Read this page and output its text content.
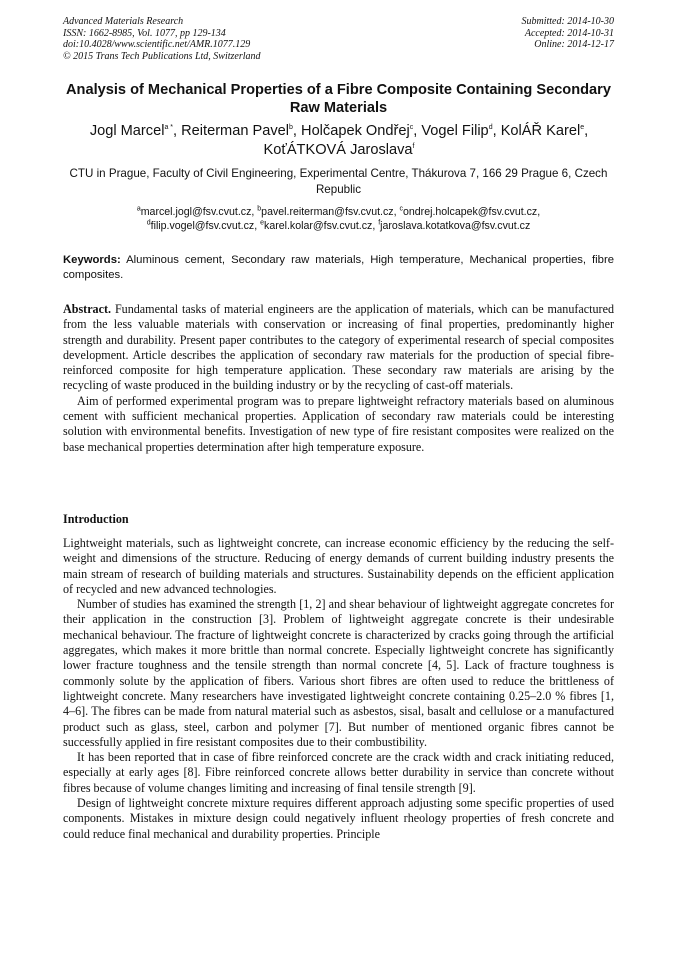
Advanced Materials Research
ISSN: 1662-8985, Vol. 1077, pp 129-134
doi:10.4028/www.scientific.net/AMR.1077.129
© 2015 Trans Tech Publications Ltd, Switzerland
Submitted: 2014-10-30
Accepted: 2014-10-31
Online: 2014-12-17
Analysis of Mechanical Properties of a Fibre Composite Containing Secondary Raw Materials
Jogl Marcel$^{a *}$, Reiterman Pavel$^b$, Holčapek Ondřej$^c$, Vogel Filip$^d$, KolÁŘ Karel$^e$, KoťÁTKOVÁ Jaroslava$^f$
CTU in Prague, Faculty of Civil Engineering, Experimental Centre, Thákurova 7, 166 29 Prague 6, Czech Republic
$^a$marcel.jogl@fsv.cvut.cz, $^b$pavel.reiterman@fsv.cvut.cz, $^c$ondrej.holcapek@fsv.cvut.cz,
$^d$filip.vogel@fsv.cvut.cz, $^e$karel.kolar@fsv.cvut.cz, $^f$jaroslava.kotatkova@fsv.cvut.cz
Keywords: Aluminous cement, Secondary raw materials, High temperature, Mechanical properties, fibre composites.

Abstract. Fundamental tasks of material engineers are the application of materials, which can be manufactured from the less valuable materials with conservation or increasing of final properties, predominantly higher strength and durability. Present paper contributes to the category of experimental research of special composites development. Article describes the application of secondary raw materials for the production of special fibre-reinforced composite for high temperature application. These secondary raw materials are arising by the recycling of waste produced in the building industry or by the recycling of cast-off materials.

Aim of performed experimental program was to prepare lightweight refractory materials based on aluminous cement with sufficient mechanical properties. Application of secondary raw materials could be interesting solution with environmental benefits. Investigation of new type of fire resistant composites were realized on the base mechanical properties determination after high temperature exposure.

Introduction

Lightweight materials, such as lightweight concrete, can increase economic efficiency by the reducing the self-weight and dimensions of the structure. Reducing of energy demands of current building industry presents the main stream of research of building materials and structures. Sustainability depends on the efficient application of recycled and new advanced technologies.

Number of studies has examined the strength [1, 2] and shear behaviour of lightweight aggregate concretes for their application in the construction [3]. Problem of lightweight aggregate concrete is their undesirable mechanical behaviour. The fracture of lightweight concrete is characterized by cracks going through the artificial aggregates, which makes it more brittle than normal concrete. Especially lightweight concrete has significantly lower fracture toughness and the tensile strength than normal concrete [4, 5]. Lack of fracture toughness is commonly solute by the application of fibers. Various short fibres are often used to reduce the brittleness of lightweight concrete. Many researchers have investigated lightweight concrete containing 0.25–2.0 % fibres [1, 4–6]. The fibres can be made from natural material such as asbestos, sisal, basalt and cellulose or a manufactured product such as glass, steel, carbon and polymer [7]. But number of mentioned organic fibres cannot be successfully applied in fire resistant composites due to their combustibility.

It has been reported that in case of fibre reinforced concrete are the crack width and crack initiating reduced, especially at early ages [8]. Fibre reinforced concrete allows better durability in service than concrete without fibres because of volume changes limiting and increasing of final tensile strength [9].

Design of lightweight concrete mixture requires different approach adjusting some specific properties of used components. Mistakes in mixture design could negatively influent rheology properties of fresh concrete and could reduce final mechanical and durability properties. Principle
